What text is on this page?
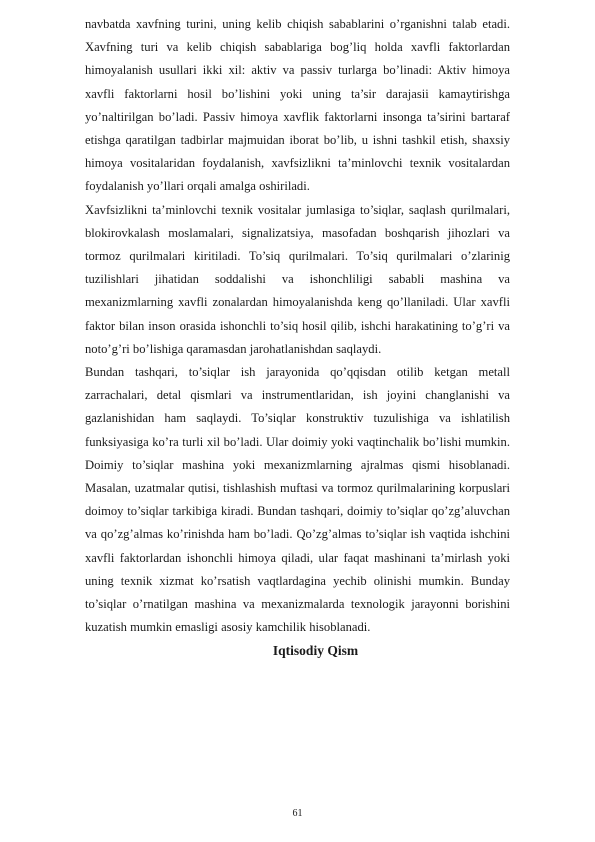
navbatda xavfning turini, uning kelib chiqish sabablarini o’rganishni talab etadi. Xavfning turi va kelib chiqish sabablariga bog’liq holda xavfli faktorlardan himoyalanish usullari ikki xil: aktiv va passiv turlarga bo’linadi: Aktiv himoya xavfli faktorlarni hosil bo’lishini yoki uning ta’sir darajasii kamaytirishga yo’naltirilgan bo’ladi. Passiv himoya xavflik faktorlarni insonga ta’sirini bartaraf etishga qaratilgan tadbirlar majmuidan iborat bo’lib, u ishni tashkil etish, shaxsiy himoya vositalaridan foydalanish, xavfsizlikni ta’minlovchi texnik vositalardan foydalanish yo’llari orqali amalga oshiriladi.

Xavfsizlikni ta’minlovchi texnik vositalar jumlasiga to’siqlar, saqlash qurilmalari, blokirovkalash moslamalari, signalizatsiya, masofadan boshqarish jihozlari va tormoz qurilmalari kiritiladi. To’siq qurilmalari. To’siq qurilmalari o’zlarinig tuzilishlari jihatidan soddalishi va ishonchliligi sababli mashina va mexanizmlarning xavfli zonalardan himoyalanishda keng qo’llaniladi. Ular xavfli faktor bilan inson orasida ishonchli to’siq hosil qilib, ishchi harakatining to’g’ri va noto’g’ri bo’lishiga qaramasdan jarohatlanishdan saqlaydi.

Bundan tashqari, to’siqlar ish jarayonida qo’qqisdan otilib ketgan metall zarrachalari, detal qismlari va instrumentlaridan, ish joyini changlanishi va gazlanishidan ham saqlaydi. To’siqlar konstruktiv tuzulishiga va ishlatilish funksiyasiga ko’ra turli xil bo’ladi. Ular doimiy yoki vaqtinchalik bo’lishi mumkin. Doimiy to’siqlar mashina yoki mexanizmlarning ajralmas qismi hisoblanadi. Masalan, uzatmalar qutisi, tishlashish muftasi va tormoz qurilmalarining korpuslari doimoy to’siqlar tarkibiga kiradi. Bundan tashqari, doimiy to’siqlar qo’zg’aluvchan va qo’zg’almas ko’rinishda ham bo’ladi. Qo’zg’almas to’siqlar ish vaqtida ishchini xavfli faktorlardan ishonchli himoya qiladi, ular faqat mashinani ta’mirlash yoki uning texnik xizmat ko’rsatish vaqtlardagina yechib olinishi mumkin. Bunday to’siqlar o’rnatilgan mashina va mexanizmalarda texnologik jarayonni borishini kuzatish mumkin emasligi asosiy kamchilik hisoblanadi.

Iqtisodiy Qism

61
